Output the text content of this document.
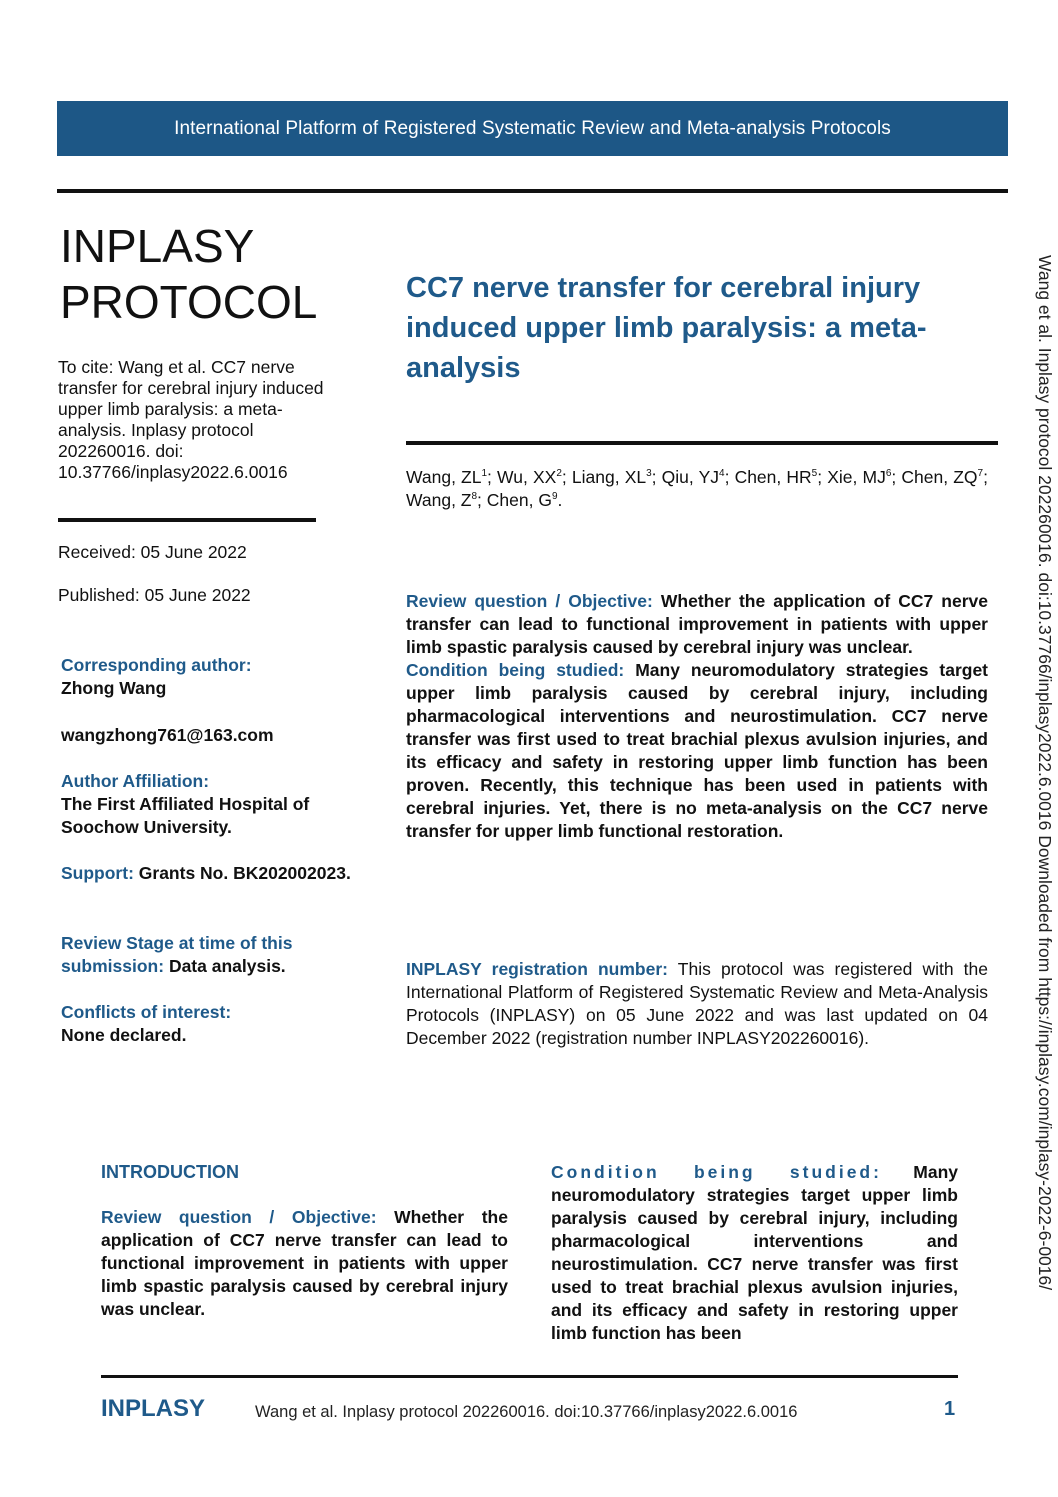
International Platform of Registered Systematic Review and Meta-analysis Protocols
INPLASY
PROTOCOL
To cite: Wang et al. CC7 nerve transfer for cerebral injury induced upper limb paralysis: a meta-analysis. Inplasy protocol 202260016. doi: 10.37766/inplasy2022.6.0016
Received: 05 June 2022
Published: 05 June 2022
Corresponding author:
Zhong Wang
wangzhong761@163.com
Author Affiliation:
The First Affiliated Hospital of Soochow University.
Support: Grants No. BK202002023.
Review Stage at time of this submission: Data analysis.
Conflicts of interest:
None declared.
CC7 nerve transfer for cerebral injury induced upper limb paralysis: a meta-analysis
Wang, $ZL^1$; Wu, $XX^2$; Liang, $XL^3$; Qiu, $YJ^4$; Chen, $HR^5$; Xie, $MJ^6$; Chen, $ZQ^7$; Wang, $Z^8$; Chen, $G^9$.
Review question / Objective: Whether the application of CC7 nerve transfer can lead to functional improvement in patients with upper limb spastic paralysis caused by cerebral injury was unclear.
Condition being studied: Many neuromodulatory strategies target upper limb paralysis caused by cerebral injury, including pharmacological interventions and neurostimulation. CC7 nerve transfer was first used to treat brachial plexus avulsion injuries, and its efficacy and safety in restoring upper limb function has been proven. Recently, this technique has been used in patients with cerebral injuries. Yet, there is no meta-analysis on the CC7 nerve transfer for upper limb functional restoration.
INPLASY registration number: This protocol was registered with the International Platform of Registered Systematic Review and Meta-Analysis Protocols (INPLASY) on 05 June 2022 and was last updated on 04 December 2022 (registration number INPLASY202260016).
INTRODUCTION
Review question / Objective: Whether the application of CC7 nerve transfer can lead to functional improvement in patients with upper limb spastic paralysis caused by cerebral injury was unclear.
Condition being studied: Many neuromodulatory strategies target upper limb paralysis caused by cerebral injury, including pharmacological interventions and neurostimulation. CC7 nerve transfer was first used to treat brachial plexus avulsion injuries, and its efficacy and safety in restoring upper limb function has been
INPLASY	Wang et al. Inplasy protocol 202260016. doi:10.37766/inplasy2022.6.0016	1
Wang et al. Inplasy protocol 202260016. doi:10.37766/inplasy2022.6.0016 Downloaded from https://inplasy.com/inplasy-2022-6-0016/
